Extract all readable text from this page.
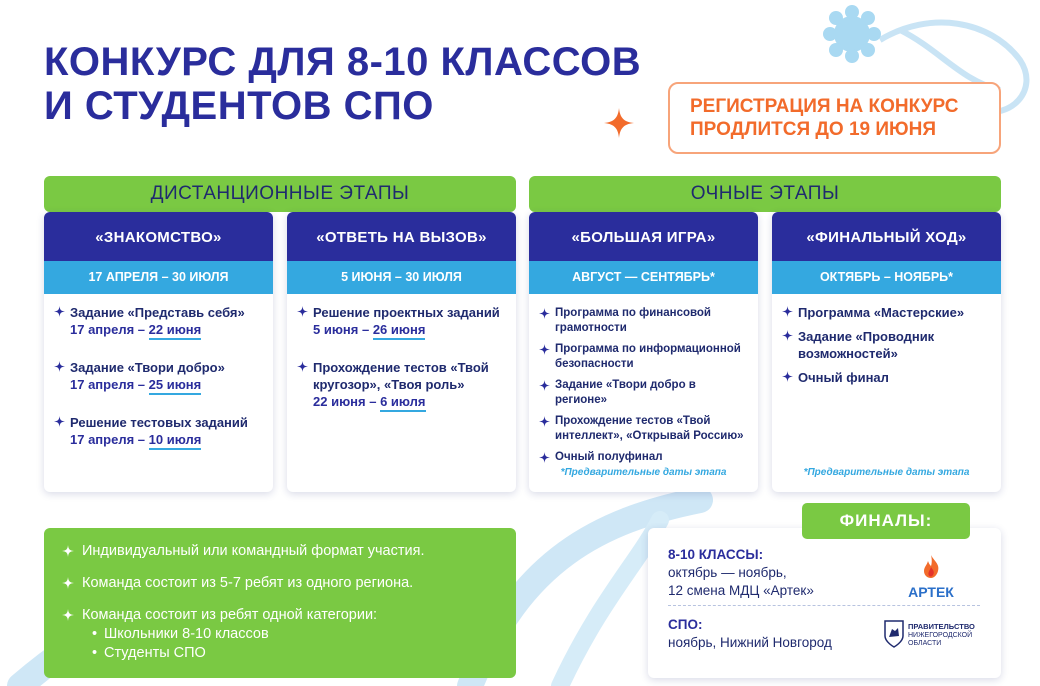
КОНКУРС ДЛЯ 8-10 КЛАССОВ
И СТУДЕНТОВ СПО	РЕГИСТРАЦИЯ НА КОНКУРС
ПРОДЛИТСЯ ДО 19 ИЮНЯ
ДИСТАНЦИОННЫЕ ЭТАПЫ	ОЧНЫЕ ЭТАПЫ
«ЗНАКОМСТВО»
17 АПРЕЛЯ – 30 ИЮЛЯ
Задание «Представь себя»
17 апреля – 22 июня
Задание «Твори добро»
17 апреля – 25 июня
Решение тестовых заданий
17 апреля – 10 июля
«ОТВЕТЬ НА ВЫЗОВ»
5 ИЮНЯ – 30 ИЮЛЯ
Решение проектных заданий
5 июня – 26 июня
Прохождение тестов «Твой кругозор», «Твоя роль»
22 июня – 6 июля
«БОЛЬШАЯ ИГРА»
АВГУСТ — СЕНТЯБРЬ*
Программа по финансовой грамотности
Программа по информационной безопасности
Задание «Твори добро в регионе»
Прохождение тестов «Твой интеллект», «Открывай Россию»
Очный полуфинал
*Предварительные даты этапа
«ФИНАЛЬНЫЙ ХОД»
ОКТЯБРЬ – НОЯБРЬ*
Программа «Мастерские»
Задание «Проводник возможностей»
Очный финал
*Предварительные даты этапа
Индивидуальный или командный формат участия.
Команда состоит из 5-7 ребят из одного региона.
Команда состоит из ребят одной категории:
• Школьники 8-10 классов
• Студенты СПО
ФИНАЛЫ:
8-10 КЛАССЫ:
октябрь — ноябрь,
12 смена МДЦ «Артек»	АРТЕК
СПО:
ноябрь, Нижний Новгород
ПРАВИТЕЛЬСТВО
НИЖЕГОРОДСКОЙ
ОБЛАСТИ
